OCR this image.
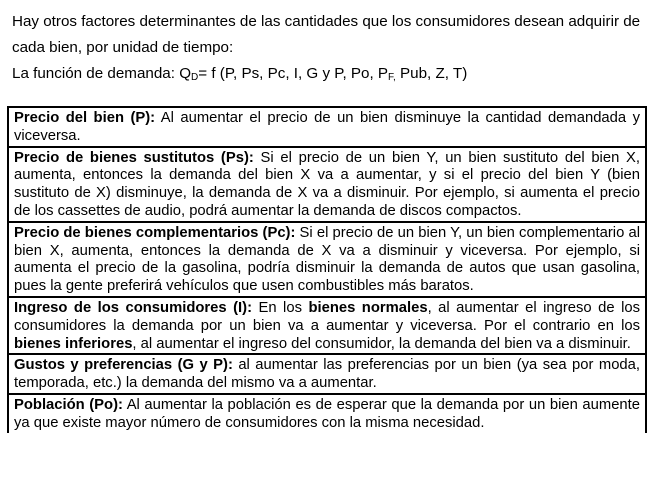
Hay otros factores determinantes de las cantidades que los consumidores desean adquirir de cada bien, por unidad de tiempo:

La función de demanda: $Q_D= f$ (P, Ps, Pc, I, G y P, Po, $P_{F,}$ Pub, Z, T)

Precio del bien (P): Al aumentar el precio de un bien disminuye la cantidad demandada y viceversa.
Precio de bienes sustitutos (Ps): Si el precio de un bien Y, un bien sustituto del bien X, aumenta, entonces la demanda del bien X va a aumentar, y si el precio del bien Y (bien sustituto de X) disminuye, la demanda de X va a disminuir. Por ejemplo, si aumenta el precio de los cassettes de audio, podrá aumentar la demanda de discos compactos.
Precio de bienes complementarios (Pc): Si el precio de un bien Y, un bien complementario al bien X, aumenta, entonces la demanda de X va a disminuir y viceversa. Por ejemplo, si aumenta el precio de la gasolina, podría disminuir la demanda de autos que usan gasolina, pues la gente preferirá vehículos que usen combustibles más baratos.
Ingreso de los consumidores (I): En los bienes normales, al aumentar el ingreso de los consumidores la demanda por un bien va a aumentar y viceversa. Por el contrario en los bienes inferiores, al aumentar el ingreso del consumidor, la demanda del bien va a disminuir.
Gustos y preferencias (G y P): al aumentar las preferencias por un bien (ya sea por moda, temporada, etc.) la demanda del mismo va a aumentar.
Población (Po): Al aumentar la población es de esperar que la demanda por un bien aumente ya que existe mayor número de consumidores con la misma necesidad.
